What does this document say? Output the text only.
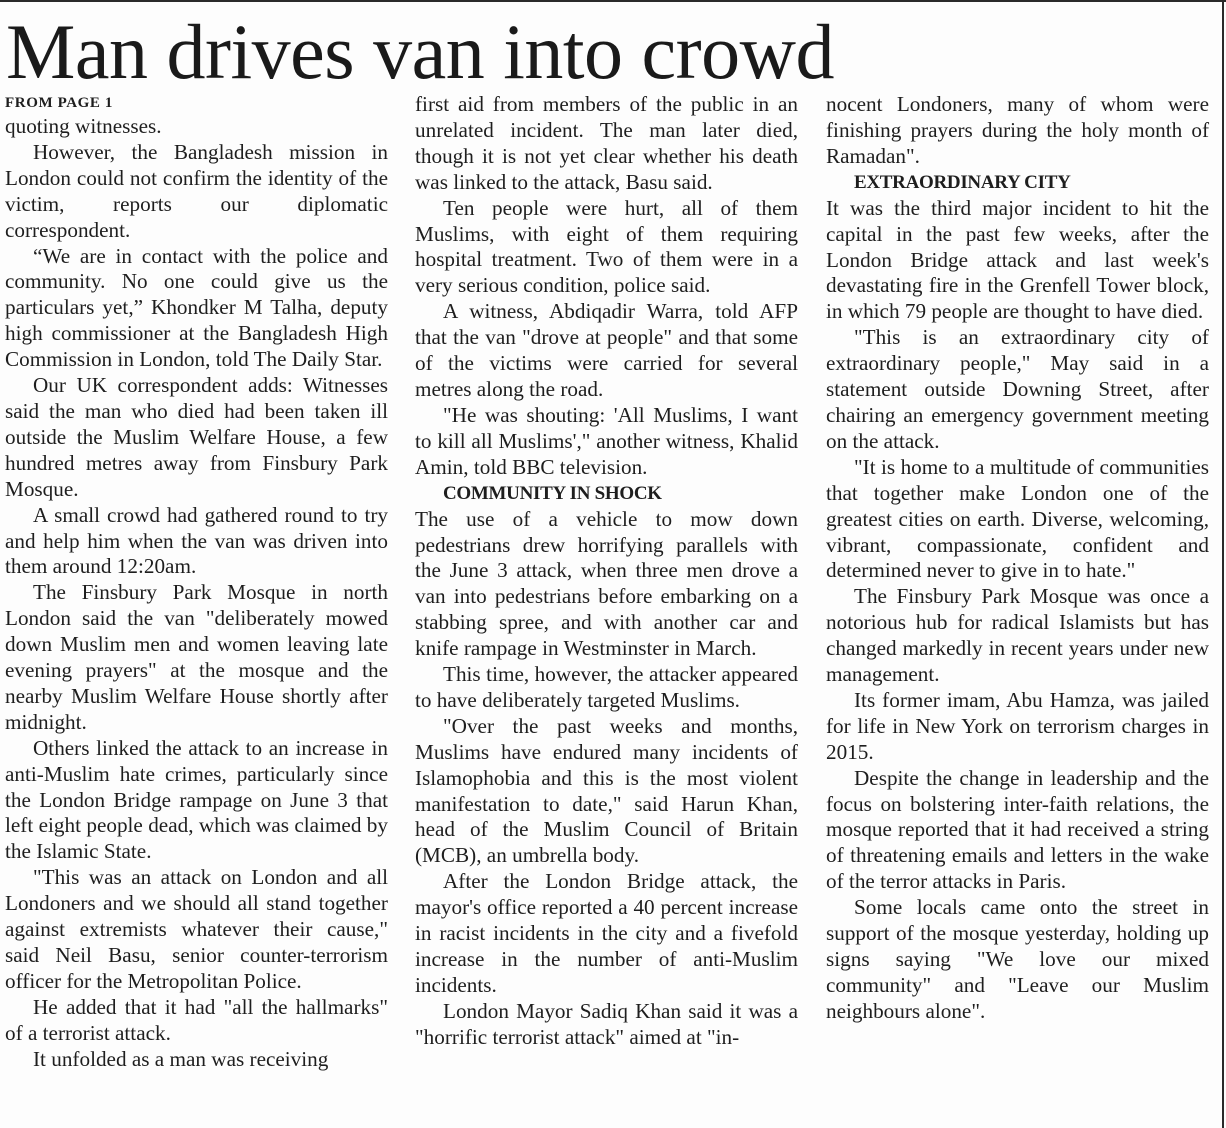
Man drives van into crowd
FROM PAGE 1

quoting witnesses.

However, the Bangladesh mission in London could not confirm the identity of the victim, reports our diplomatic correspondent.

“We are in contact with the police and community. No one could give us the particulars yet,” Khondker M Talha, deputy high commissioner at the Bangladesh High Commission in London, told The Daily Star.

Our UK correspondent adds: Witnesses said the man who died had been taken ill outside the Muslim Welfare House, a few hundred metres away from Finsbury Park Mosque.

A small crowd had gathered round to try and help him when the van was driven into them around 12:20am.

The Finsbury Park Mosque in north London said the van "deliberately mowed down Muslim men and women leaving late evening prayers" at the mosque and the nearby Muslim Welfare House shortly after midnight.

Others linked the attack to an increase in anti-Muslim hate crimes, particularly since the London Bridge rampage on June 3 that left eight people dead, which was claimed by the Islamic State.

"This was an attack on London and all Londoners and we should all stand together against extremists whatever their cause," said Neil Basu, senior counter-terrorism officer for the Metropolitan Police.

He added that it had "all the hallmarks" of a terrorist attack.

It unfolded as a man was receiving

first aid from members of the public in an unrelated incident. The man later died, though it is not yet clear whether his death was linked to the attack, Basu said.

Ten people were hurt, all of them Muslims, with eight of them requiring hospital treatment. Two of them were in a very serious condition, police said.

A witness, Abdiqadir Warra, told AFP that the van "drove at people" and that some of the victims were carried for several metres along the road.

"He was shouting: 'All Muslims, I want to kill all Muslims'," another witness, Khalid Amin, told BBC television.

COMMUNITY IN SHOCK

The use of a vehicle to mow down pedestrians drew horrifying parallels with the June 3 attack, when three men drove a van into pedestrians before embarking on a stabbing spree, and with another car and knife rampage in Westminster in March.

This time, however, the attacker appeared to have deliberately targeted Muslims.

"Over the past weeks and months, Muslims have endured many incidents of Islamophobia and this is the most violent manifestation to date," said Harun Khan, head of the Muslim Council of Britain (MCB), an umbrella body.

After the London Bridge attack, the mayor's office reported a 40 percent increase in racist incidents in the city and a fivefold increase in the number of anti-Muslim incidents.

London Mayor Sadiq Khan said it was a "horrific terrorist attack" aimed at "in-

nocent Londoners, many of whom were finishing prayers during the holy month of Ramadan".

EXTRAORDINARY CITY

It was the third major incident to hit the capital in the past few weeks, after the London Bridge attack and last week's devastating fire in the Grenfell Tower block, in which 79 people are thought to have died.

"This is an extraordinary city of extraordinary people," May said in a statement outside Downing Street, after chairing an emergency government meeting on the attack.

"It is home to a multitude of communities that together make London one of the greatest cities on earth. Diverse, welcoming, vibrant, compassionate, confident and determined never to give in to hate."

The Finsbury Park Mosque was once a notorious hub for radical Islamists but has changed markedly in recent years under new management.

Its former imam, Abu Hamza, was jailed for life in New York on terrorism charges in 2015.

Despite the change in leadership and the focus on bolstering inter-faith relations, the mosque reported that it had received a string of threatening emails and letters in the wake of the terror attacks in Paris.

Some locals came onto the street in support of the mosque yesterday, holding up signs saying "We love our mixed community" and "Leave our Muslim neighbours alone".
